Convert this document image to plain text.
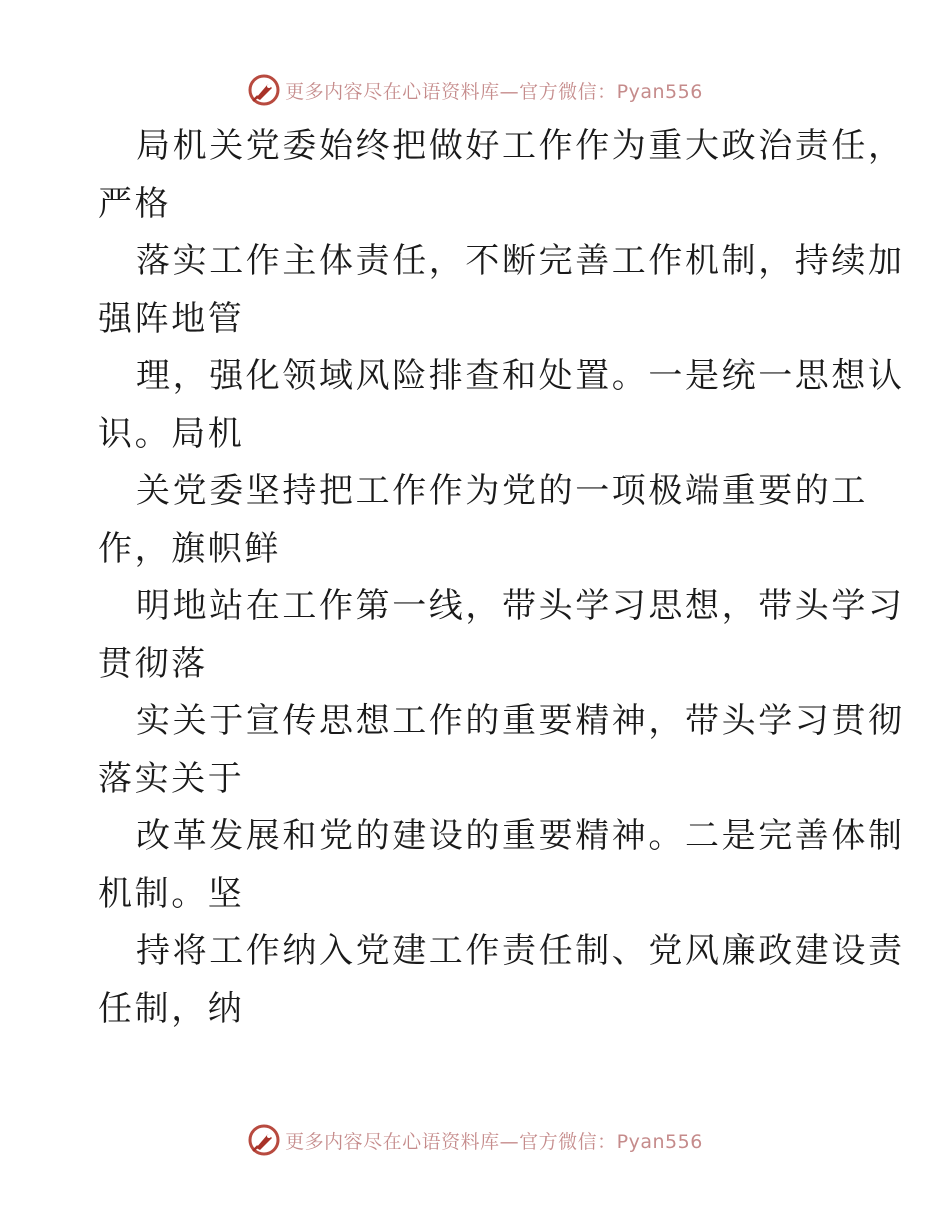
更多内容尽在心语资料库—官方微信：Pyan556
局机关党委始终把做好工作作为重大政治责任，
严格
落实工作主体责任，不断完善工作机制，持续加
强阵地管
理，强化领域风险排查和处置。一是统一思想认
识。局机
关党委坚持把工作作为党的一项极端重要的工
作，旗帜鲜
明地站在工作第一线，带头学习思想，带头学习
贯彻落
实关于宣传思想工作的重要精神，带头学习贯彻
落实关于
改革发展和党的建设的重要精神。二是完善体制
机制。坚
持将工作纳入党建工作责任制、党风廉政建设责
任制，纳
更多内容尽在心语资料库—官方微信：Pyan556
